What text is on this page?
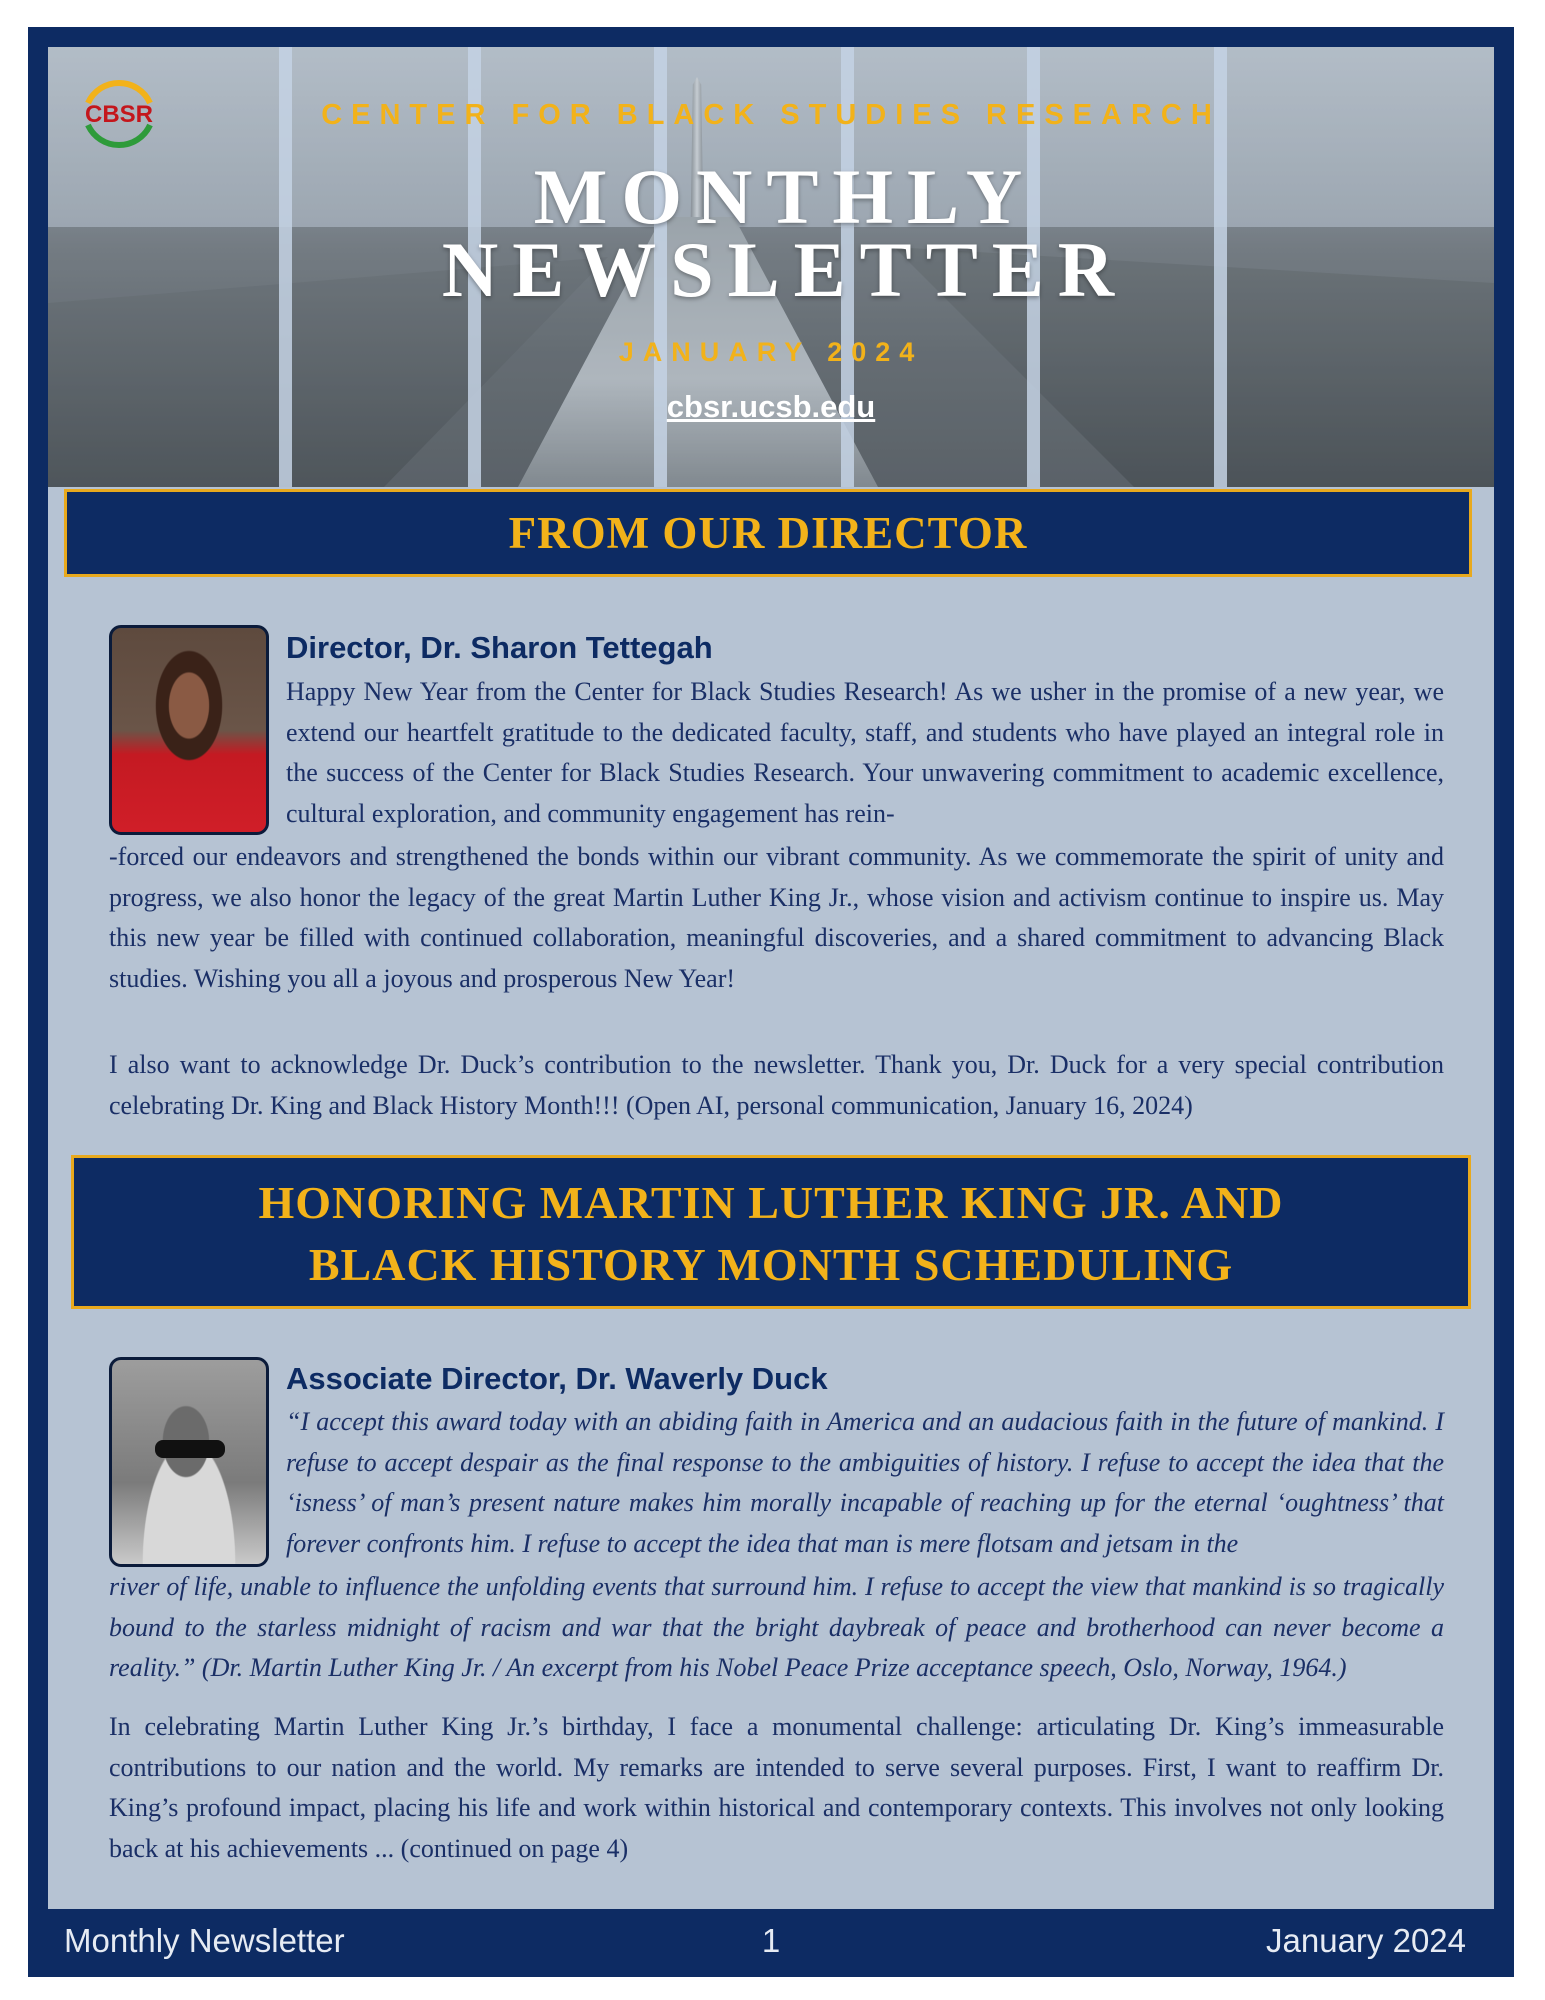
CBSR	CENTER FOR BLACK STUDIES RESEARCH
MONTHLY
NEWSLETTER
JANUARY 2024
cbsr.ucsb.edu
FROM OUR DIRECTOR
Director, Dr. Sharon Tettegah

Happy New Year from the Center for Black Studies Research! As we usher in the promise of a new year, we extend our heartfelt gratitude to the dedicated faculty, staff, and students who have played an integral role in the success of the Center for Black Studies Research. Your unwavering commitment to academic excellence, cultural exploration, and community engagement has rein-

-forced our endeavors and strengthened the bonds within our vibrant community. As we commemorate the spirit of unity and progress, we also honor the legacy of the great Martin Luther King Jr., whose vision and activism continue to inspire us. May this new year be filled with continued collaboration, meaningful discoveries, and a shared commitment to advancing Black studies. Wishing you all a joyous and prosperous New Year!

I also want to acknowledge Dr. Duck’s contribution to the newsletter. Thank you, Dr. Duck for a very special contribution celebrating Dr. King and Black History Month!!! (Open AI, personal communication, January 16, 2024)

HONORING MARTIN LUTHER KING JR. AND
BLACK HISTORY MONTH SCHEDULING
Associate Director, Dr. Waverly Duck

“I accept this award today with an abiding faith in America and an audacious faith in the future of mankind. I refuse to accept despair as the final response to the ambiguities of history. I refuse to accept the idea that the ‘isness’ of man’s present nature makes him morally incapable of reaching up for the eternal ‘oughtness’ that forever confronts him. I refuse to accept the idea that man is mere flotsam and jetsam in the

river of life, unable to influence the unfolding events that surround him. I refuse to accept the view that mankind is so tragically bound to the starless midnight of racism and war that the bright daybreak of peace and brotherhood can never become a reality.” (Dr. Martin Luther King Jr. / An excerpt from his Nobel Peace Prize acceptance speech, Oslo, Norway, 1964.)

In celebrating Martin Luther King Jr.’s birthday, I face a monumental challenge: articulating Dr. King’s immeasurable contributions to our nation and the world. My remarks are intended to serve several purposes. First, I want to reaffirm Dr. King’s profound impact, placing his life and work within historical and contemporary contexts. This involves not only looking back at his achievements ... (continued on page 4)

Monthly Newsletter	1	January 2024
